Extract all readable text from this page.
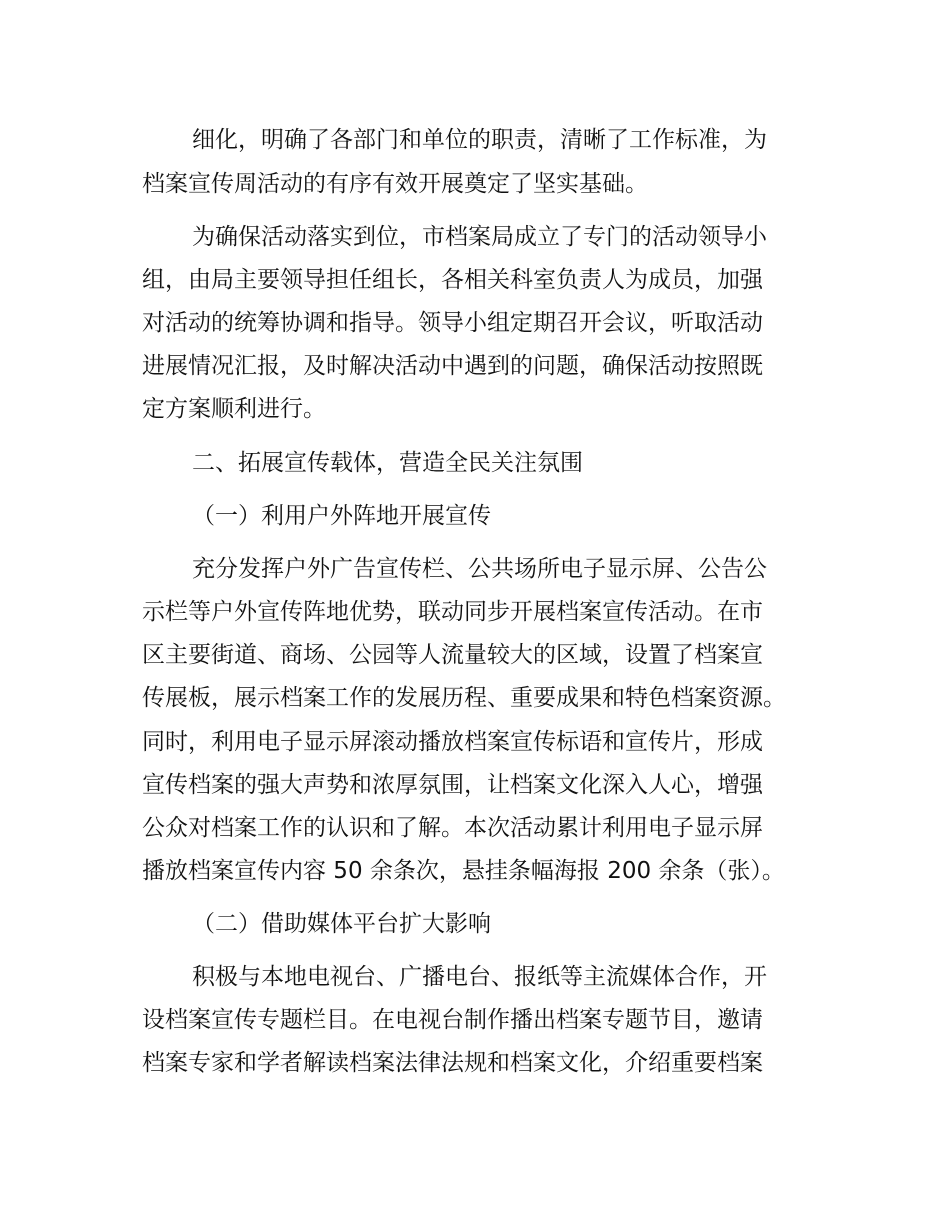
细化，明确了各部门和单位的职责，清晰了工作标准，为
档案宣传周活动的有序有效开展奠定了坚实基础。
为确保活动落实到位，市档案局成立了专门的活动领导小
组，由局主要领导担任组长，各相关科室负责人为成员，加强
对活动的统筹协调和指导。领导小组定期召开会议，听取活动
进展情况汇报，及时解决活动中遇到的问题，确保活动按照既
定方案顺利进行。
二、拓展宣传载体，营造全民关注氛围
（一）利用户外阵地开展宣传
充分发挥户外广告宣传栏、公共场所电子显示屏、公告公
示栏等户外宣传阵地优势，联动同步开展档案宣传活动。在市
区主要街道、商场、公园等人流量较大的区域，设置了档案宣
传展板，展示档案工作的发展历程、重要成果和特色档案资源。
同时，利用电子显示屏滚动播放档案宣传标语和宣传片，形成
宣传档案的强大声势和浓厚氛围，让档案文化深入人心，增强
公众对档案工作的认识和了解。本次活动累计利用电子显示屏
播放档案宣传内容 50 余条次，悬挂条幅海报 200 余条（张）。
（二）借助媒体平台扩大影响
积极与本地电视台、广播电台、报纸等主流媒体合作，开
设档案宣传专题栏目。在电视台制作播出档案专题节目，邀请
档案专家和学者解读档案法律法规和档案文化，介绍重要档案
